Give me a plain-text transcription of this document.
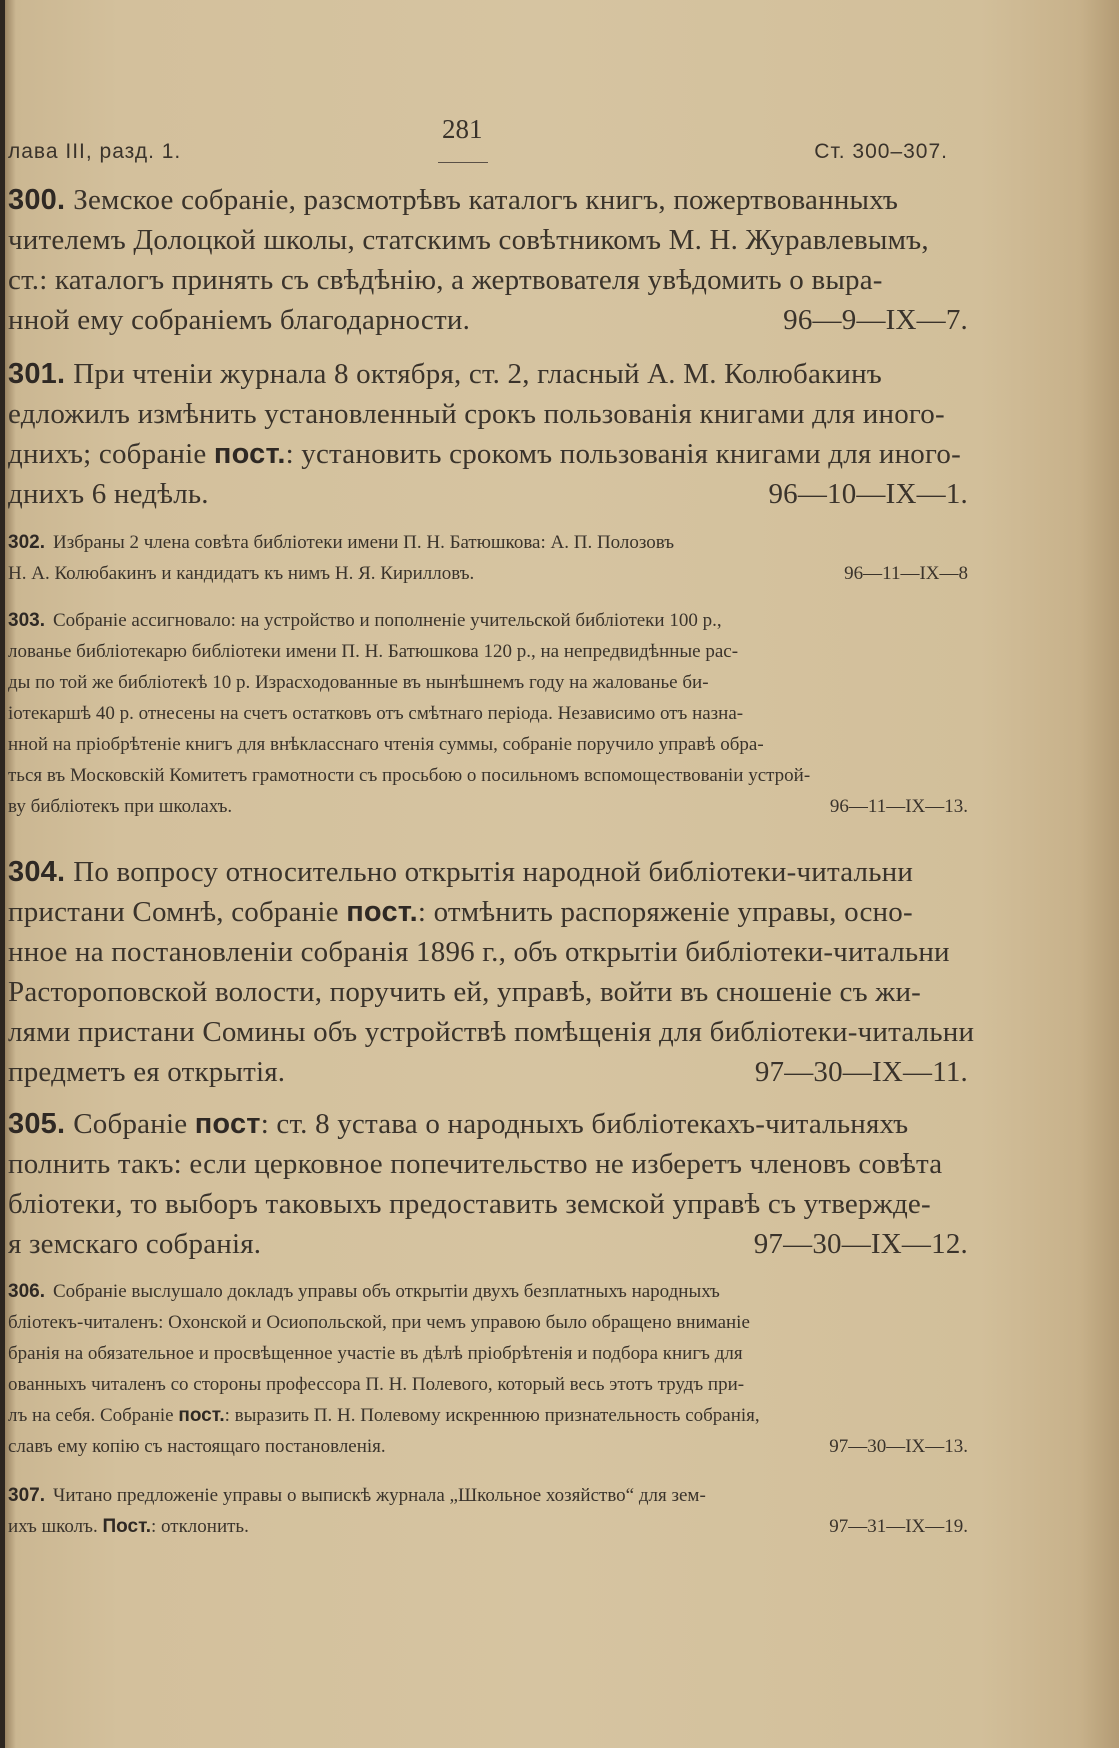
лава III, разд. 1.
281
Ст. 300–307.
300. Земское собраніе, разсмотрѣвъ каталогъ книгъ, пожертвованныхъ
чителемъ Долоцкой школы, статскимъ совѣтникомъ М. Н. Журавлевымъ,
ст.: каталогъ принять съ свѣдѣнію, а жертвователя увѣдомить о выра-
нной ему собраніемъ благодарности.	96—9—IX—7.
301. При чтеніи журнала 8 октября, ст. 2, гласный А. М. Колюбакинъ
едложилъ измѣнить установленный срокъ пользованія книгами для иного-
днихъ; собраніе пост.: установить срокомъ пользованія книгами для иного-
дниxъ 6 недѣль.	96—10—IX—1.
302. Избраны 2 члена совѣта библіотеки имени П. Н. Батюшкова: А. П. Полозовъ
Н. А. Колюбакинъ и кандидатъ къ нимъ Н. Я. Кирилловъ.	96—11—IX—8
303. Собраніе ассигновало: на устройство и пополненіе учительской библіотеки 100 р.,
лованье библіотекарю библіотеки имени П. Н. Батюшкова 120 р., на непредвидѣнные рас-
ды по той же библіотекѣ 10 р. Израсходованные въ нынѣшнемъ году на жалованье би-
іотекаршѣ 40 р. отнесены на счетъ остатковъ отъ смѣтнаго періода. Независимо отъ назна-
нной на пріобрѣтеніе книгъ для внѣкласснаго чтенія суммы, собраніе поручило управѣ обра-
ться въ Московскій Комитетъ грамотности съ просьбою о посильномъ вспомоществованіи устрой-
ву библіотекъ при школахъ.	96—11—IX—13.
304. По вопросу относительно открытія народной библіотеки-читальни
пристани Сомнѣ, собраніе пост.: отмѣнить распоряженіе управы, осно-
нное на постановленіи собранія 1896 г., объ открытіи библіотеки-читальни
Растороповской волости, поручить ей, управѣ, войти въ сношеніе съ жи-
лями пристани Сомины объ устройствѣ помѣщенія для библіотеки-читальни
предметъ ея открытія.	97—30—IX—11.
305. Собраніе пост: ст. 8 устава о народныхъ библіотекахъ-читальняхъ
полнить такъ: если церковное попечительство не изберетъ членовъ совѣта
бліотеки, то выборъ таковыхъ предоставить земской управѣ съ утвержде-
я земскаго собранія.	97—30—IX—12.
306. Собраніе выслушало докладъ управы объ открытіи двухъ безплатныхъ народныхъ
бліотекъ-читаленъ: Охонской и Осиопольской, при чемъ управою было обращено вниманіе
бранія на обязательное и просвѣщенное участіе въ дѣлѣ пріобрѣтенія и подбора книгъ для
ованныхъ читаленъ со стороны профессора П. Н. Полевого, который весь этотъ трудъ при-
лъ на себя. Собраніе пост.: выразить П. Н. Полевому искреннюю признательность собранія,
славъ ему копію съ настоящаго постановленія.	97—30—IX—13.
307. Читано предложеніе управы о выпискѣ журнала „Школьное хозяйство“ для зем-
ихъ школъ. Пост.: отклонить.	97—31—IX—19.
